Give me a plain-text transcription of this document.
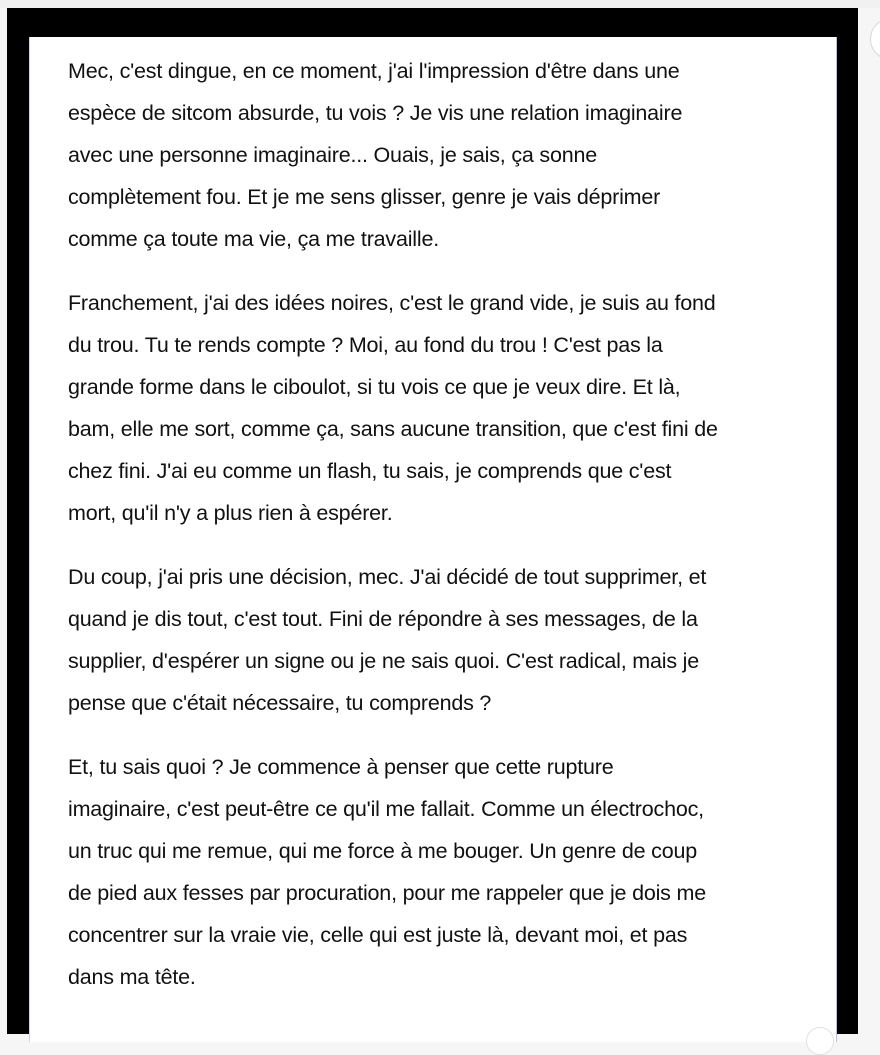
Mec, c'est dingue, en ce moment, j'ai l'impression d'être dans une
espèce de sitcom absurde, tu vois ? Je vis une relation imaginaire
avec une personne imaginaire... Ouais, je sais, ça sonne
complètement fou. Et je me sens glisser, genre je vais déprimer
comme ça toute ma vie, ça me travaille.

Franchement, j'ai des idées noires, c'est le grand vide, je suis au fond
du trou. Tu te rends compte ? Moi, au fond du trou ! C'est pas la
grande forme dans le ciboulot, si tu vois ce que je veux dire. Et là,
bam, elle me sort, comme ça, sans aucune transition, que c'est fini de
chez fini. J'ai eu comme un flash, tu sais, je comprends que c'est
mort, qu'il n'y a plus rien à espérer.

Du coup, j'ai pris une décision, mec. J'ai décidé de tout supprimer, et
quand je dis tout, c'est tout. Fini de répondre à ses messages, de la
supplier, d'espérer un signe ou je ne sais quoi. C'est radical, mais je
pense que c'était nécessaire, tu comprends ?

Et, tu sais quoi ? Je commence à penser que cette rupture
imaginaire, c'est peut-être ce qu'il me fallait. Comme un électrochoc,
un truc qui me remue, qui me force à me bouger. Un genre de coup
de pied aux fesses par procuration, pour me rappeler que je dois me
concentrer sur la vraie vie, celle qui est juste là, devant moi, et pas
dans ma tête.
